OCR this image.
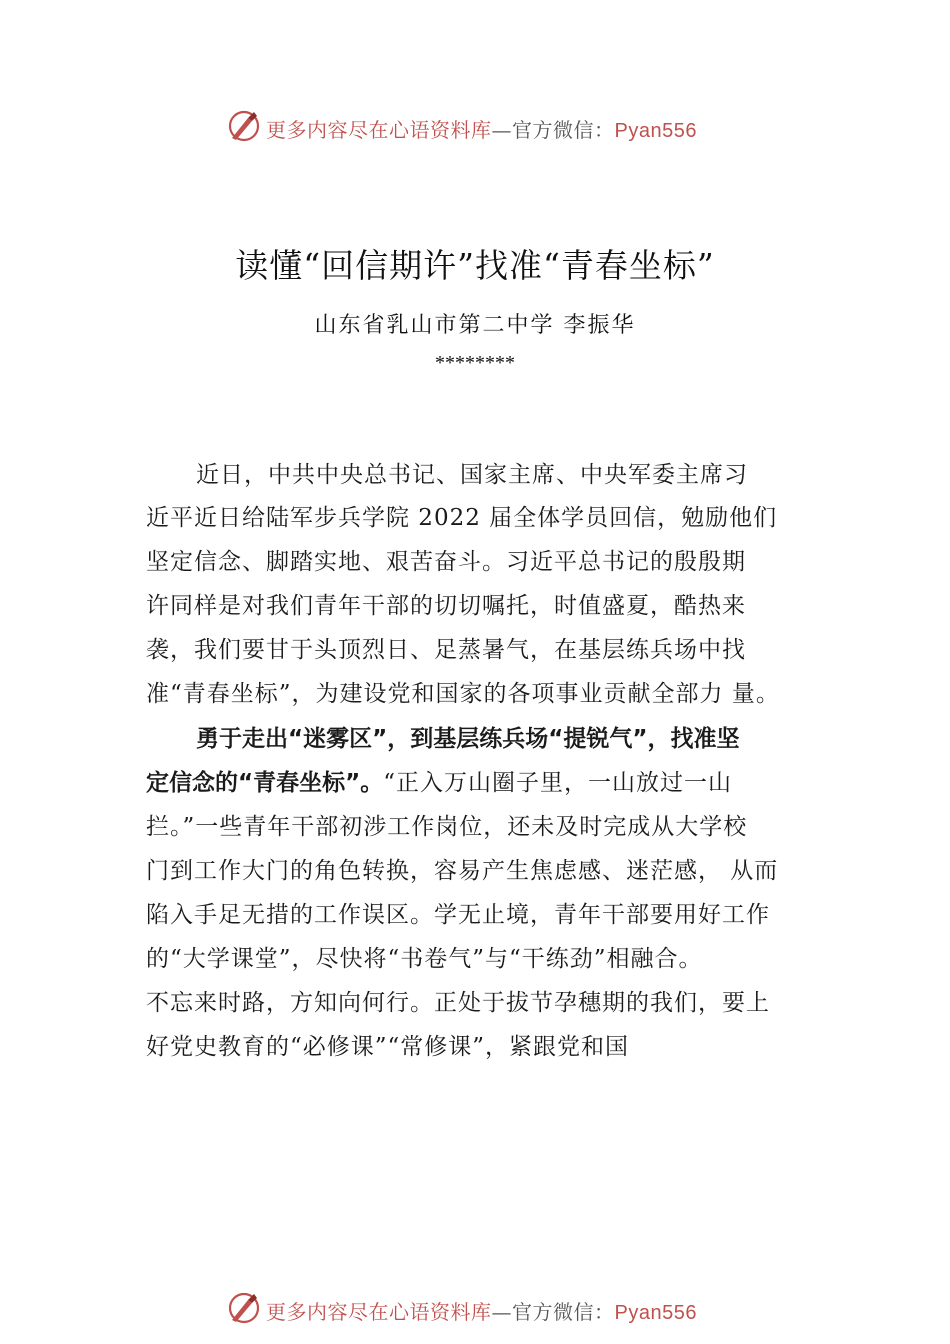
更多内容尽在心语资料库—官方微信：Pyan556
读懂“回信期许”找准“青春坐标”
山东省乳山市第二中学 李振华
********
近日，中共中央总书记、国家主席、中央军委主席习
近平近日给陆军步兵学院 2022 届全体学员回信，勉励他们
坚定信念、脚踏实地、艰苦奋斗。习近平总书记的殷殷期
许同样是对我们青年干部的切切嘱托，时值盛夏，酷热来
袭，我们要甘于头顶烈日、足蒸暑气，在基层练兵场中找
准“青春坐标”，为建设党和国家的各项事业贡献全部力 量。
勇于走出“迷雾区”，到基层练兵场“提锐气”，找准坚
定信念的“青春坐标”。“正入万山圈子里，一山放过一山
拦。”一些青年干部初涉工作岗位，还未及时完成从大学校
门到工作大门的角色转换，容易产生焦虑感、迷茫感， 从而
陷入手足无措的工作误区。学无止境，青年干部要用好工作
的“大学课堂”，尽快将“书卷气”与“干练劲”相融合。
不忘来时路，方知向何行。正处于拔节孕穗期的我们，要上
好党史教育的“必修课”“常修课”，紧跟党和国
更多内容尽在心语资料库—官方微信：Pyan556
